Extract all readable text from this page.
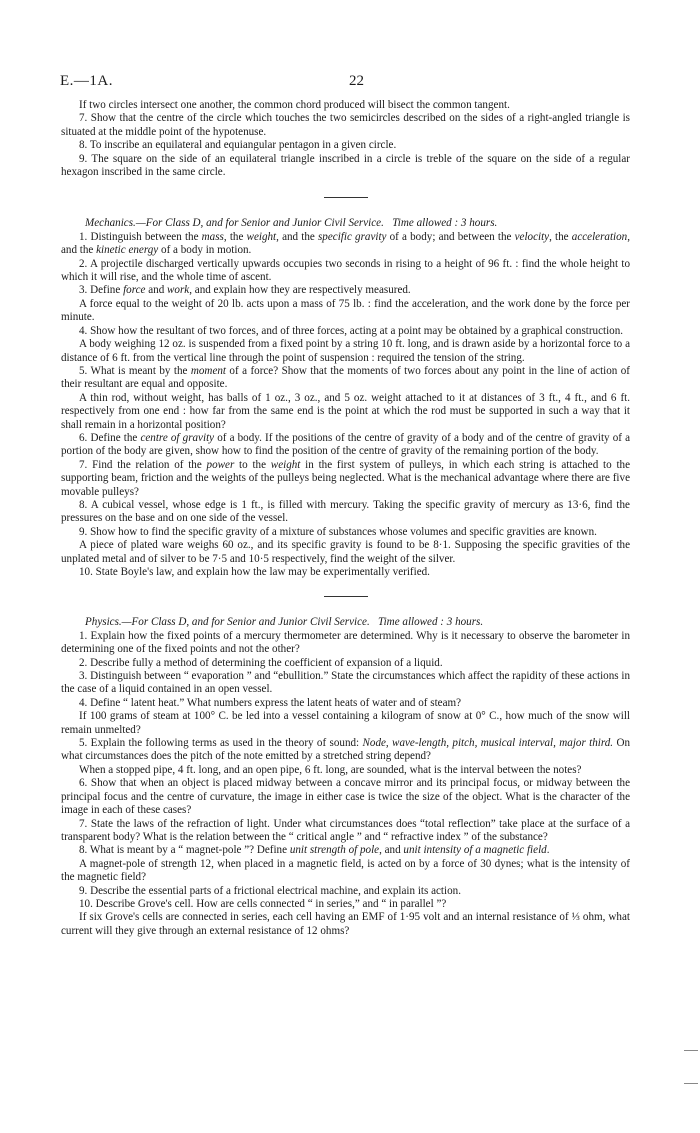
E.—1A.	22

If two circles intersect one another, the common chord produced will bisect the common tangent.

7. Show that the centre of the circle which touches the two semicircles described on the sides of a right-angled triangle is situated at the middle point of the hypotenuse.

8. To inscribe an equilateral and equiangular pentagon in a given circle.

9. The square on the side of an equilateral triangle inscribed in a circle is treble of the square on the side of a regular hexagon inscribed in the same circle.

Mechanics.—For Class D, and for Senior and Junior Civil Service. Time allowed : 3 hours.

1. Distinguish between the mass, the weight, and the specific gravity of a body; and between the velocity, the acceleration, and the kinetic energy of a body in motion.

2. A projectile discharged vertically upwards occupies two seconds in rising to a height of 96 ft. : find the whole height to which it will rise, and the whole time of ascent.

3. Define force and work, and explain how they are respectively measured.

A force equal to the weight of 20 lb. acts upon a mass of 75 lb. : find the acceleration, and the work done by the force per minute.

4. Show how the resultant of two forces, and of three forces, acting at a point may be obtained by a graphical construction.

A body weighing 12 oz. is suspended from a fixed point by a string 10 ft. long, and is drawn aside by a horizontal force to a distance of 6 ft. from the vertical line through the point of suspension : required the tension of the string.

5. What is meant by the moment of a force? Show that the moments of two forces about any point in the line of action of their resultant are equal and opposite.

A thin rod, without weight, has balls of 1 oz., 3 oz., and 5 oz. weight attached to it at distances of 3 ft., 4 ft., and 6 ft. respectively from one end : how far from the same end is the point at which the rod must be supported in such a way that it shall remain in a horizontal position?

6. Define the centre of gravity of a body. If the positions of the centre of gravity of a body and of the centre of gravity of a portion of the body are given, show how to find the position of the centre of gravity of the remaining portion of the body.

7. Find the relation of the power to the weight in the first system of pulleys, in which each string is attached to the supporting beam, friction and the weights of the pulleys being neglected. What is the mechanical advantage where there are five movable pulleys?

8. A cubical vessel, whose edge is 1 ft., is filled with mercury. Taking the specific gravity of mercury as 13·6, find the pressures on the base and on one side of the vessel.

9. Show how to find the specific gravity of a mixture of substances whose volumes and specific gravities are known.

A piece of plated ware weighs 60 oz., and its specific gravity is found to be 8·1. Supposing the specific gravities of the unplated metal and of silver to be 7·5 and 10·5 respectively, find the weight of the silver.

10. State Boyle's law, and explain how the law may be experimentally verified.

Physics.—For Class D, and for Senior and Junior Civil Service. Time allowed : 3 hours.

1. Explain how the fixed points of a mercury thermometer are determined. Why is it necessary to observe the barometer in determining one of the fixed points and not the other?

2. Describe fully a method of determining the coefficient of expansion of a liquid.

3. Distinguish between “ evaporation ” and “ebullition.” State the circumstances which affect the rapidity of these actions in the case of a liquid contained in an open vessel.

4. Define “ latent heat.” What numbers express the latent heats of water and of steam?

If 100 grams of steam at 100° C. be led into a vessel containing a kilogram of snow at 0° C., how much of the snow will remain unmelted?

5. Explain the following terms as used in the theory of sound: Node, wave-length, pitch, musical interval, major third. On what circumstances does the pitch of the note emitted by a stretched string depend?

When a stopped pipe, 4 ft. long, and an open pipe, 6 ft. long, are sounded, what is the interval between the notes?

6. Show that when an object is placed midway between a concave mirror and its principal focus, or midway between the principal focus and the centre of curvature, the image in either case is twice the size of the object. What is the character of the image in each of these cases?

7. State the laws of the refraction of light. Under what circumstances does “total reflection” take place at the surface of a transparent body? What is the relation between the “ critical angle ” and “ refractive index ” of the substance?

8. What is meant by a “ magnet-pole ”? Define unit strength of pole, and unit intensity of a magnetic field.

A magnet-pole of strength 12, when placed in a magnetic field, is acted on by a force of 30 dynes; what is the intensity of the magnetic field?

9. Describe the essential parts of a frictional electrical machine, and explain its action.

10. Describe Grove's cell. How are cells connected “ in series,” and “ in parallel ”?

If six Grove's cells are connected in series, each cell having an EMF of 1·95 volt and an internal resistance of ⅓ ohm, what current will they give through an external resistance of 12 ohms?
